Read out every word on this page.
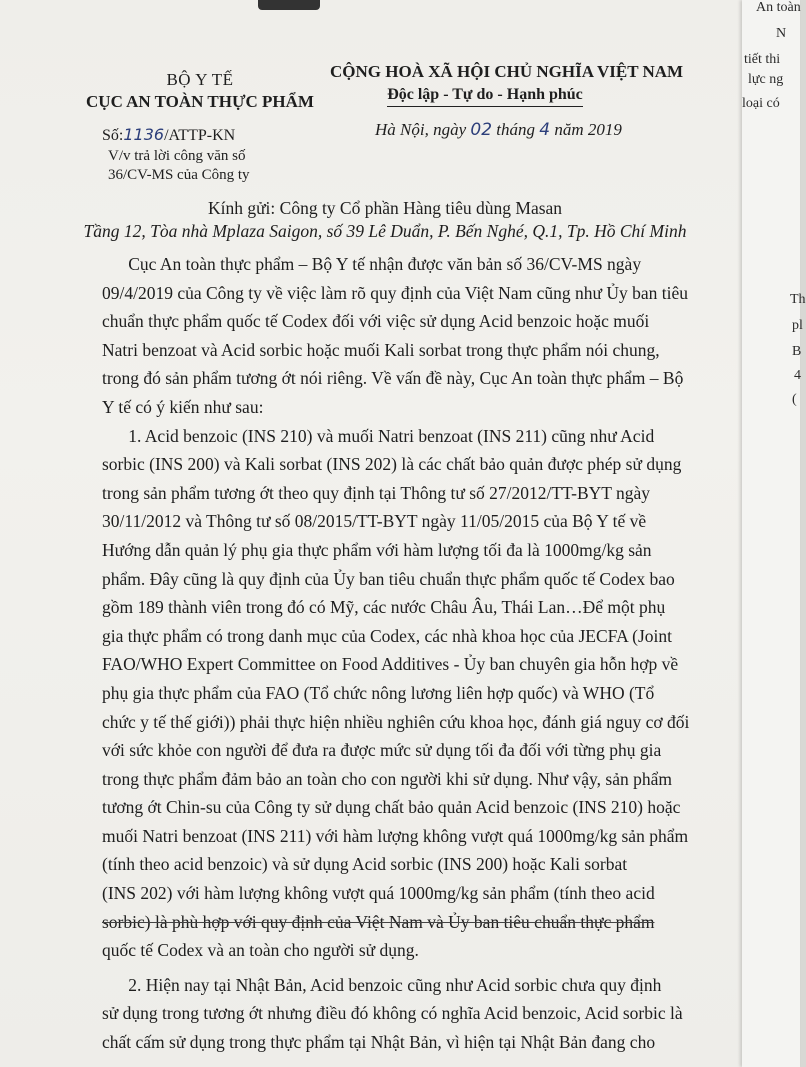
BỘ Y TẾ
CỤC AN TOÀN THỰC PHẨM
CỘNG HOÀ XÃ HỘI CHỦ NGHĨA VIỆT NAM
Độc lập - Tự do - Hạnh phúc
Số:1136/ATTP-KN
V/v trả lời công văn số
36/CV-MS của Công ty
Hà Nội, ngày 02 tháng 4 năm 2019
Kính gửi: Công ty Cổ phần Hàng tiêu dùng Masan
Tầng 12, Tòa nhà Mplaza Saigon, số 39 Lê Duẩn, P. Bến Nghé, Q.1, Tp. Hồ Chí Minh

Cục An toàn thực phẩm – Bộ Y tế nhận được văn bản số 36/CV-MS ngày
09/4/2019 của Công ty về việc làm rõ quy định của Việt Nam cũng như Ủy ban tiêu
chuẩn thực phẩm quốc tế Codex đối với việc sử dụng Acid benzoic hoặc muối
Natri benzoat và Acid sorbic hoặc muối Kali sorbat trong thực phẩm nói chung,
trong đó sản phẩm tương ớt nói riêng. Về vấn đề này, Cục An toàn thực phẩm – Bộ
Y tế có ý kiến như sau:

1. Acid benzoic (INS 210) và muối Natri benzoat (INS 211) cũng như Acid
sorbic (INS 200) và Kali sorbat (INS 202) là các chất bảo quản được phép sử dụng
trong sản phẩm tương ớt theo quy định tại Thông tư số 27/2012/TT-BYT ngày
30/11/2012 và Thông tư số 08/2015/TT-BYT ngày 11/05/2015 của Bộ Y tế về
Hướng dẫn quản lý phụ gia thực phẩm với hàm lượng tối đa là 1000mg/kg sản
phẩm. Đây cũng là quy định của Ủy ban tiêu chuẩn thực phẩm quốc tế Codex bao
gồm 189 thành viên trong đó có Mỹ, các nước Châu Âu, Thái Lan…Để một phụ
gia thực phẩm có trong danh mục của Codex, các nhà khoa học của JECFA (Joint
FAO/WHO Expert Committee on Food Additives - Ủy ban chuyên gia hỗn hợp về
phụ gia thực phẩm của FAO (Tổ chức nông lương liên hợp quốc) và WHO (Tổ
chức y tế thế giới)) phải thực hiện nhiều nghiên cứu khoa học, đánh giá nguy cơ đối
với sức khỏe con người để đưa ra được mức sử dụng tối đa đối với từng phụ gia
trong thực phẩm đảm bảo an toàn cho con người khi sử dụng. Như vậy, sản phẩm
tương ớt Chin-su của Công ty sử dụng chất bảo quản Acid benzoic (INS 210) hoặc
muối Natri benzoat (INS 211) với hàm lượng không vượt quá 1000mg/kg sản phẩm
(tính theo acid benzoic) và sử dụng Acid sorbic (INS 200) hoặc Kali sorbat
(INS 202) với hàm lượng không vượt quá 1000mg/kg sản phẩm (tính theo acid
sorbic) là phù hợp với quy định của Việt Nam và Ủy ban tiêu chuẩn thực phẩm
quốc tế Codex và an toàn cho người sử dụng.

2. Hiện nay tại Nhật Bản, Acid benzoic cũng như Acid sorbic chưa quy định
sử dụng trong tương ớt nhưng điều đó không có nghĩa Acid benzoic, Acid sorbic là
chất cấm sử dụng trong thực phẩm tại Nhật Bản, vì hiện tại Nhật Bản đang cho

An toàn
N
tiết thi
lực ng
loại có
Th
pl
B
4
(
